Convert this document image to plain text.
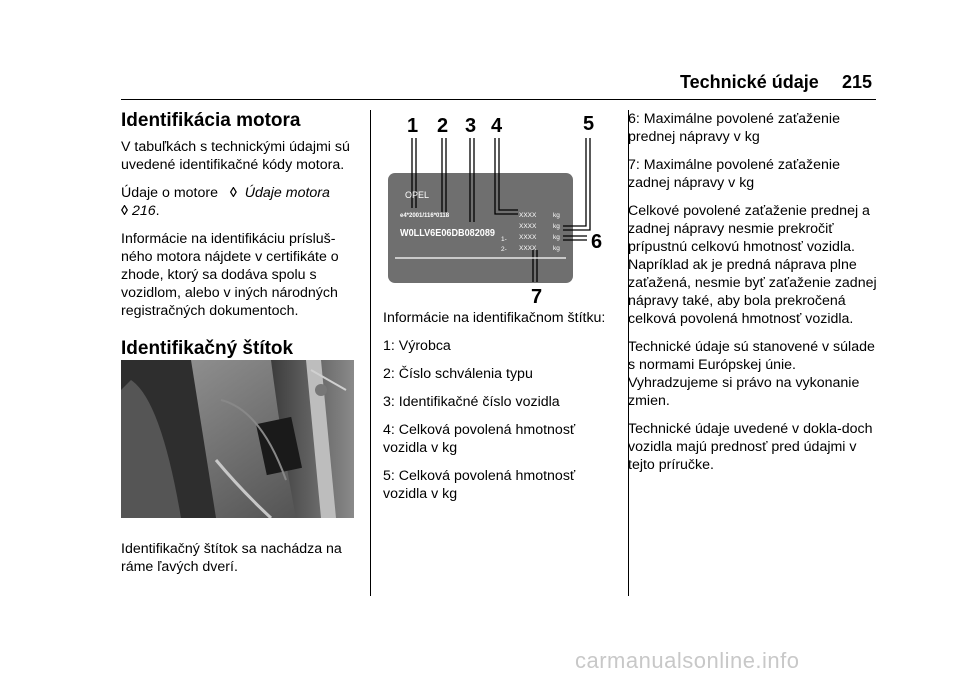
Technické údaje 215
Identifikácia motora

V tabuľkách s technickými údajmi sú uvedené identifikačné kódy motora.

Údaje o motore ◊ Údaje motora
◊ 216.

Informácie na identifikáciu prísluš-ného motora nájdete v certifikáte o zhode, ktorý sa dodáva spolu s vozidlom, alebo v iných národných registračných dokumentoch.

Identifikačný štítok
Identifikačný štítok sa nachádza na ráme ľavých dverí.
1 2 3 4	5
6
7
OPEL
e4*2001/116*0118
W0LLV6E06DB082089
XXXX
XXXX
XXXX
XXXX
kg
kg
kg
kg
1-
2-

Informácie na identifikačnom štítku:

1: Výrobca

2: Číslo schválenia typu

3: Identifikačné číslo vozidla

4: Celková povolená hmotnosť vozidla v kg

5: Celková povolená hmotnosť vozidla v kg

6: Maximálne povolené zaťaženie prednej nápravy v kg

7: Maximálne povolené zaťaženie zadnej nápravy v kg

Celkové povolené zaťaženie prednej a zadnej nápravy nesmie prekročiť prípustnú celkovú hmotnosť vozidla. Napríklad ak je predná náprava plne zaťažená, nesmie byť zaťaženie zadnej nápravy také, aby bola prekročená celková povolená hmotnosť vozidla.

Technické údaje sú stanovené v súlade s normami Európskej únie. Vyhradzujeme si právo na vykonanie zmien.

Technické údaje uvedené v dokla-doch vozidla majú prednosť pred údajmi v tejto príručke.

carmanualsonline.info
